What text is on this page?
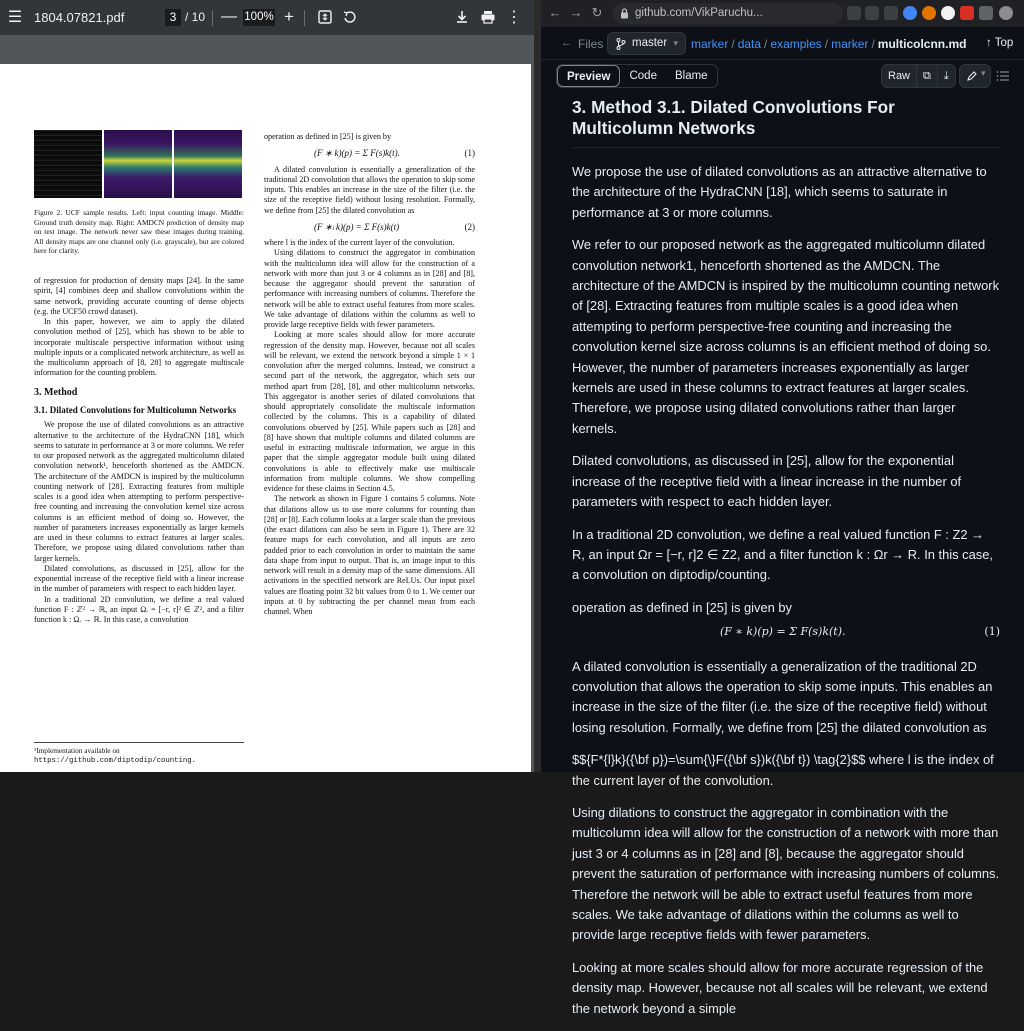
☰ 1804.07821.pdf	3 / 10 — 100% +	⋮
Figure 2. UCF sample results. Left: input counting image. Middle: Ground truth density map. Right: AMDCN prediction of density map on test image. The network never saw these images during training. All density maps are one channel only (i.e. grayscale), but are colored here for clarity.

of regression for production of density maps [24]. In the same spirit, [4] combines deep and shallow convolutions within the same network, providing accurate counting of dense objects (e.g. the UCF50 crowd dataset).

In this paper, however, we aim to apply the dilated convolution method of [25], which has shown to be able to incorporate multiscale perspective information without using multiple inputs or a complicated network architecture, as well as the multicolumn approach of [8, 28] to aggregate multiscale information for the counting problem.

3. Method
3.1. Dilated Convolutions for Multicolumn Networks

We propose the use of dilated convolutions as an attractive alternative to the architecture of the HydraCNN [18], which seems to saturate in performance at 3 or more columns. We refer to our proposed network as the aggregated multicolumn dilated convolution network¹, henceforth shortened as the AMDCN. The architecture of the AMDCN is inspired by the multicolumn counting network of [28]. Extracting features from multiple scales is a good idea when attempting to perform perspective-free counting and increasing the convolution kernel size across columns is an efficient method of doing so. However, the number of parameters increases exponentially as larger kernels are used in these columns to extract features at larger scales. Therefore, we propose using dilated convolutions rather than larger kernels.

Dilated convolutions, as discussed in [25], allow for the exponential increase of the receptive field with a linear increase in the number of parameters with respect to each hidden layer.

In a traditional 2D convolution, we define a real valued function F : ℤ² → ℝ, an input Ωᵣ = [−r, r]² ∈ ℤ², and a filter function k : Ωᵣ → ℝ. In this case, a convolution

¹Implementation available on https://github.com/diptodip/counting.

operation as defined in [25] is given by

(F ∗ k)(p) = Σ F(s)k(t).	(1)

A dilated convolution is essentially a generalization of the traditional 2D convolution that allows the operation to skip some inputs. This enables an increase in the size of the filter (i.e. the size of the receptive field) without losing resolution. Formally, we define from [25] the dilated convolution as

(F ∗ₗ k)(p) = Σ F(s)k(t)	(2)

where l is the index of the current layer of the convolution.

Using dilations to construct the aggregator in combination with the multicolumn idea will allow for the construction of a network with more than just 3 or 4 columns as in [28] and [8], because the aggregator should prevent the saturation of performance with increasing numbers of columns. Therefore the network will be able to extract useful features from more scales. We take advantage of dilations within the columns as well to provide large receptive fields with fewer parameters.

Looking at more scales should allow for more accurate regression of the density map. However, because not all scales will be relevant, we extend the network beyond a simple 1 × 1 convolution after the merged columns. Instead, we construct a second part of the network, the aggregator, which sets our method apart from [28], [8], and other multicolumn networks. This aggregator is another series of dilated convolutions that should appropriately consolidate the multiscale information collected by the columns. This is a capability of dilated convolutions observed by [25]. While papers such as [28] and [8] have shown that multiple columns and dilated columns are useful in extracting multiscale information, we argue in this paper that the simple aggregator module built using dilated convolutions is able to effectively make use multiscale information from multiple columns. We show compelling evidence for these claims in Section 4.5.

The network as shown in Figure 1 contains 5 columns. Note that dilations allow us to use more columns for counting than [28] or [8]. Each column looks at a larger scale than the previous (the exact dilations can also be seen in Figure 1). There are 32 feature maps for each convolution, and all inputs are zero padded prior to each convolution in order to maintain the same data shape from input to output. That is, an image input to this network will result in a density map of the same dimensions. All activations in the specified network are ReLUs. Our input pixel values are floating point 32 bit values from 0 to 1. We center our inputs at 0 by subtracting the per channel mean from each channel. When

← → ↻	github.com/VikParuchu...
← Files	master ▾ marker / data / examples / marker / multicolcnn.md ↑ Top
Preview	Code	Blame	Raw	⧉	⤓	▾
3. Method 3.1. Dilated Convolutions For Multicolumn Networks

We propose the use of dilated convolutions as an attractive alternative to the architecture of the HydraCNN [18], which seems to saturate in performance at 3 or more columns.

We refer to our proposed network as the aggregated multicolumn dilated convolution network1, henceforth shortened as the AMDCN. The architecture of the AMDCN is inspired by the multicolumn counting network of [28]. Extracting features from multiple scales is a good idea when attempting to perform perspective-free counting and increasing the convolution kernel size across columns is an efficient method of doing so. However, the number of parameters increases exponentially as larger kernels are used in these columns to extract features at larger scales. Therefore, we propose using dilated convolutions rather than larger kernels.

Dilated convolutions, as discussed in [25], allow for the exponential increase of the receptive field with a linear increase in the number of parameters with respect to each hidden layer.

In a traditional 2D convolution, we define a real valued function F : Z2 → R, an input Ωr = [−r, r]2 ∈ Z2, and a filter function k : Ωr → R. In this case, a convolution on diptodip/counting.

operation as defined in [25] is given by

(F ∗ k)(p) = Σ F(s)k(t).	(1)

A dilated convolution is essentially a generalization of the traditional 2D convolution that allows the operation to skip some inputs. This enables an increase in the size of the filter (i.e. the size of the receptive field) without losing resolution. Formally, we define from [25] the dilated convolution as

$${F*{l}k}({\bf p})=\sum{\}F({\bf s})k({\bf t}) \tag{2}$$ where l is the index of the current layer of the convolution.

Using dilations to construct the aggregator in combination with the multicolumn idea will allow for the construction of a network with more than just 3 or 4 columns as in [28] and [8], because the aggregator should prevent the saturation of performance with increasing numbers of columns. Therefore the network will be able to extract useful features from more scales. We take advantage of dilations within the columns as well to provide large receptive fields with fewer parameters.

Looking at more scales should allow for more accurate regression of the density map. However, because not all scales will be relevant, we extend the network beyond a simple
